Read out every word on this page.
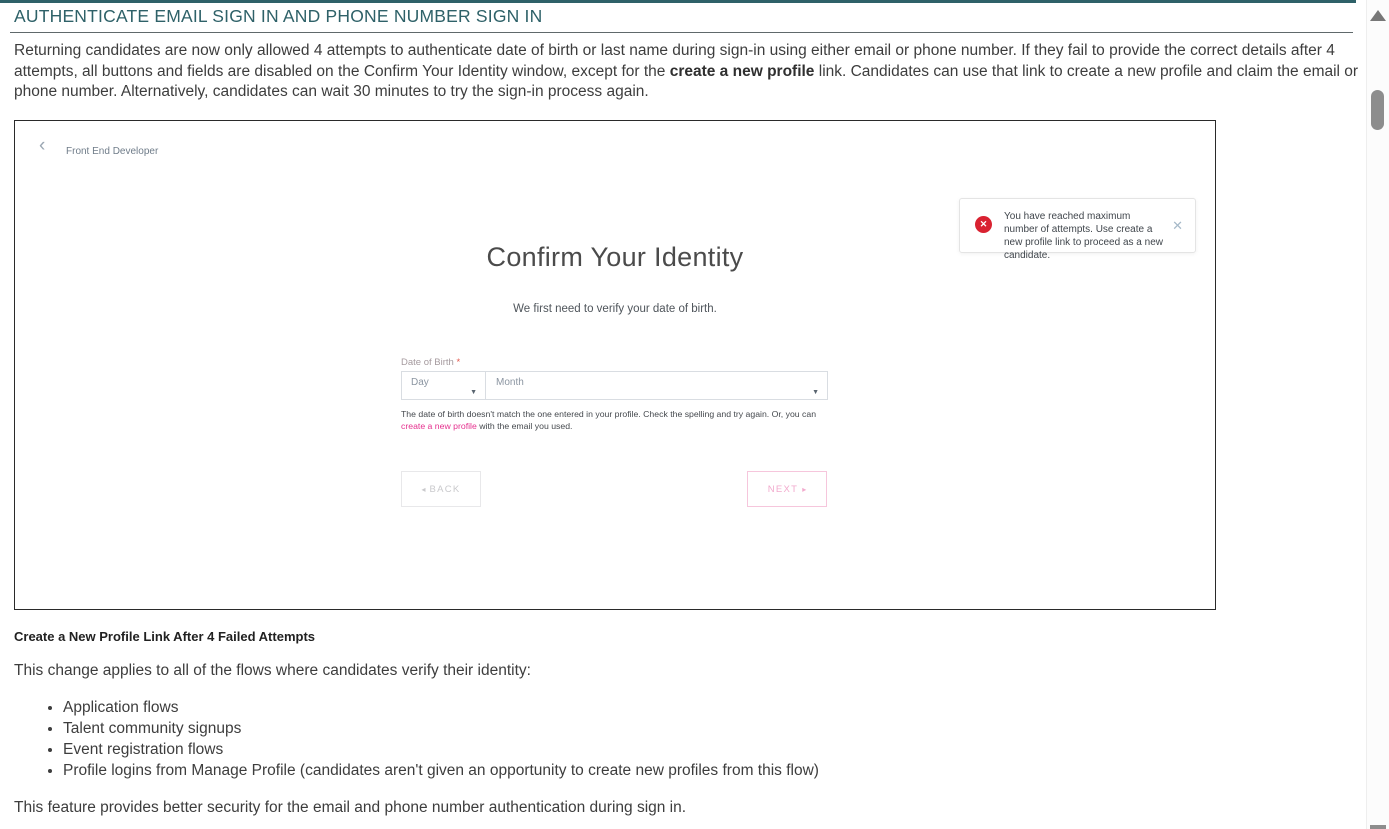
AUTHENTICATE EMAIL SIGN IN AND PHONE NUMBER SIGN IN

Returning candidates are now only allowed 4 attempts to authenticate date of birth or last name during sign-in using either email or phone number. If they fail to provide the correct details after 4 attempts, all buttons and fields are disabled on the Confirm Your Identity window, except for the create a new profile link. Candidates can use that link to create a new profile and claim the email or phone number. Alternatively, candidates can wait 30 minutes to try the sign-in process again.

‹ Front End Developer
✕
You have reached maximum number of attempts. Use create a new profile link to proceed as a new candidate.
✕
Confirm Your Identity
We first need to verify your date of birth.
Date of Birth *
Day
▼
Month
▼
The date of birth doesn't match the one entered in your profile. Check the spelling and try again. Or, you can create a new profile with the email you used.
◂ BACK	NEXT ▸
Create a New Profile Link After 4 Failed Attempts

This change applies to all of the flows where candidates verify their identity:

• Application flows
• Talent community signups
• Event registration flows
• Profile logins from Manage Profile (candidates aren't given an opportunity to create new profiles from this flow)

This feature provides better security for the email and phone number authentication during sign in.
